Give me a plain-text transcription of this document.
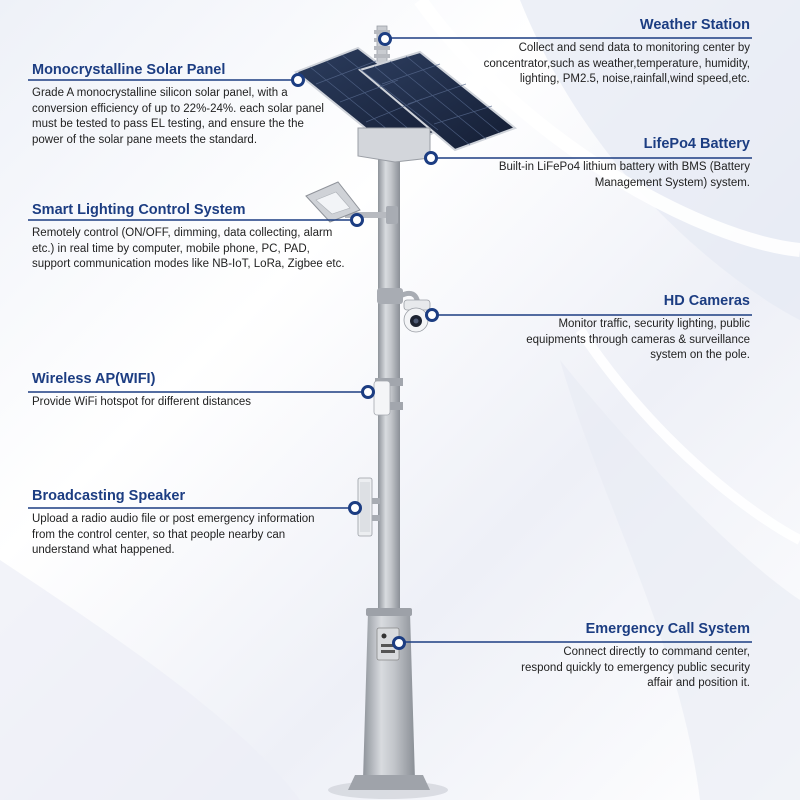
Weather Station
Collect and send data to monitoring center by concentrator,such as weather,temperature, humidity, lighting, PM2.5, noise,rainfall,wind speed,etc.
Monocrystalline Solar Panel
Grade A monocrystalline silicon solar panel, with a conversion efficiency of up to 22%-24%. each solar panel must be tested to pass EL testing, and ensure the the power of the solar pane meets the standard.	LifePo4 Battery
Built-in LiFePo4 lithium battery with BMS (Battery Management System) system.
Smart Lighting Control System
Remotely control (ON/OFF, dimming, data collecting, alarm etc.) in real time by computer, mobile phone, PC, PAD, support communication modes like NB-IoT, LoRa, Zigbee etc.
HD Cameras
Monitor traffic, security lighting, public equipments through cameras & surveillance system on the pole.
Wireless AP(WIFI)
Provide WiFi hotspot for different distances
Broadcasting Speaker
Upload a radio audio file or post emergency information from the control center, so that people nearby can understand what happened.
Emergency Call System
Connect directly to command center, respond quickly to emergency public security affair and position it.
